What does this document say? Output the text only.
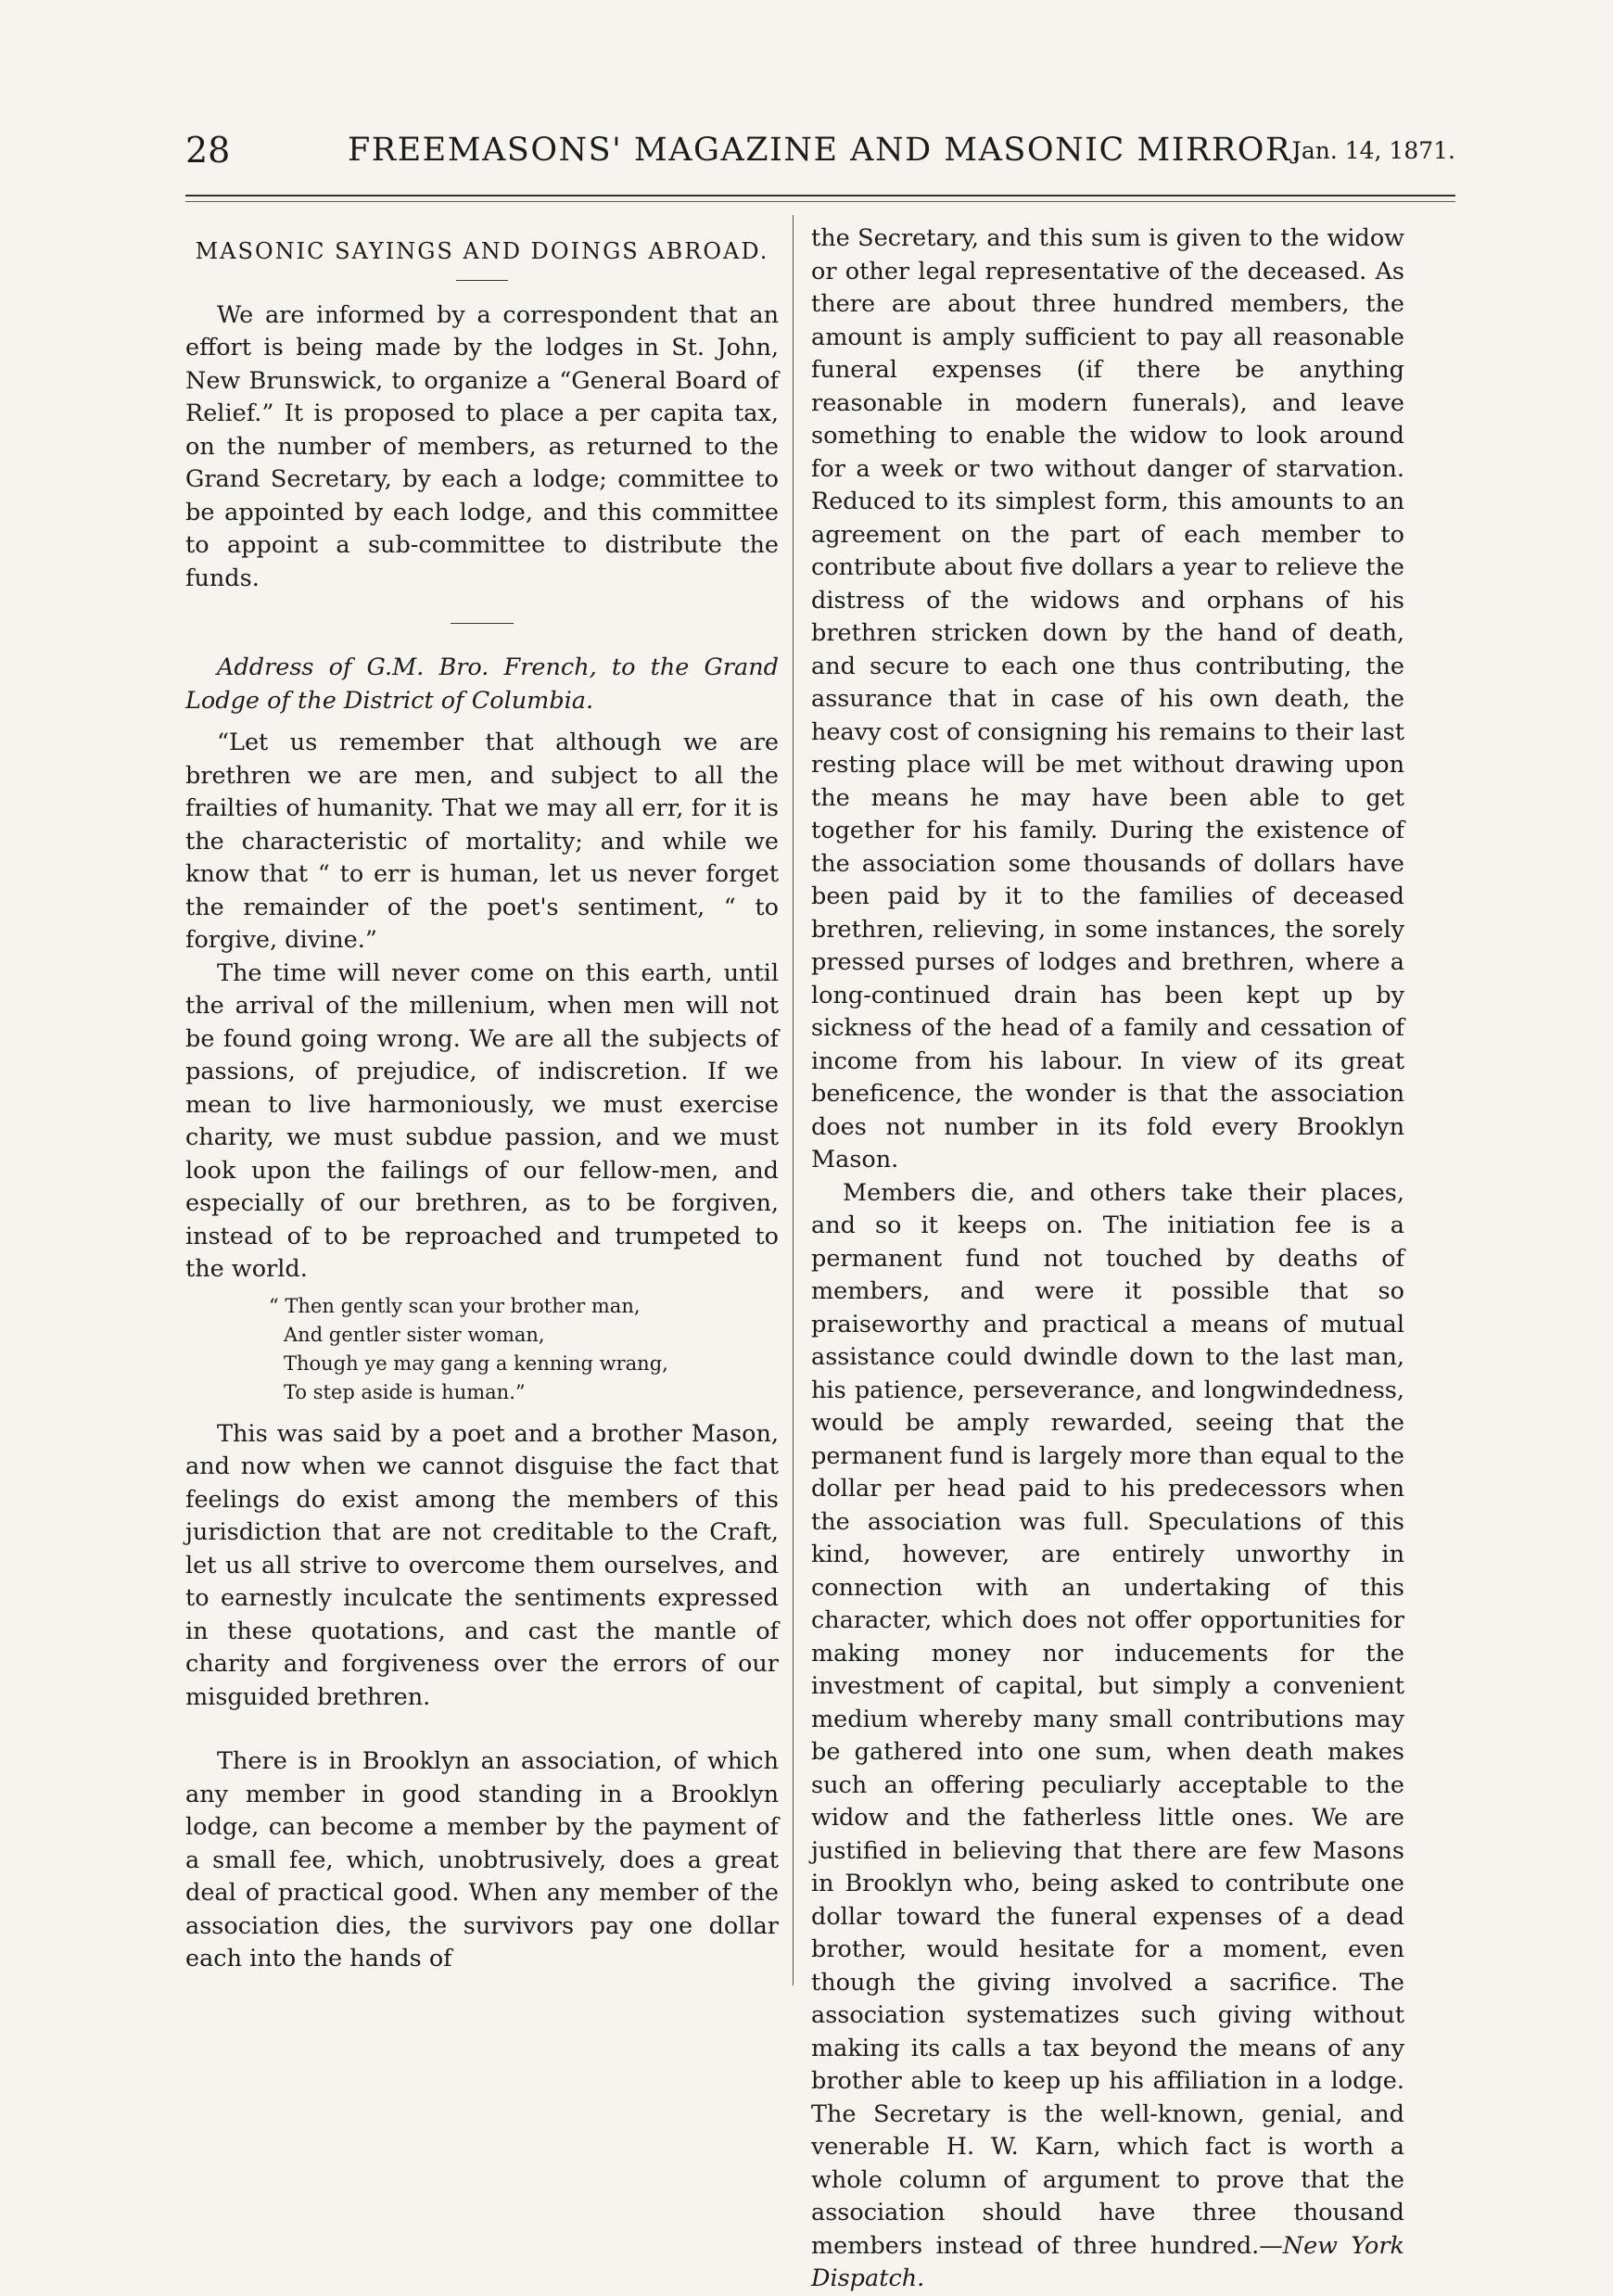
28	FREEMASONS' MAGAZINE AND MASONIC MIRROR.
Jan. 14, 1871.
MASONIC SAYINGS AND DOINGS ABROAD.

We are informed by a correspondent that an effort is being made by the lodges in St. John, New Brunswick, to organize a “General Board of Relief.” It is proposed to place a per capita tax, on the number of members, as returned to the Grand Secretary, by each a lodge; committee to be appointed by each lodge, and this committee to appoint a sub-committee to distribute the funds.

Address of G.M. Bro. French, to the Grand Lodge of the District of Columbia.

“Let us remember that although we are brethren we are men, and subject to all the frailties of humanity. That we may all err, for it is the characteristic of mortality; and while we know that “ to err is human, let us never forget the remainder of the poet's sentiment, “ to forgive, divine.”

The time will never come on this earth, until the arrival of the millenium, when men will not be found going wrong. We are all the subjects of passions, of prejudice, of indiscretion. If we mean to live harmoniously, we must exercise charity, we must subdue passion, and we must look upon the failings of our fellow-men, and especially of our brethren, as to be forgiven, instead of to be reproached and trumpeted to the world.

“ Then gently scan your brother man,
And gentler sister woman,
Though ye may gang a kenning wrang,
To step aside is human.”

This was said by a poet and a brother Mason, and now when we cannot disguise the fact that feelings do exist among the members of this jurisdiction that are not creditable to the Craft, let us all strive to overcome them ourselves, and to earnestly inculcate the sentiments expressed in these quotations, and cast the mantle of charity and forgiveness over the errors of our misguided brethren.

There is in Brooklyn an association, of which any member in good standing in a Brooklyn lodge, can become a member by the payment of a small fee, which, unobtrusively, does a great deal of practical good. When any member of the association dies, the survivors pay one dollar each into the hands of

the Secretary, and this sum is given to the widow or other legal representative of the deceased. As there are about three hundred members, the amount is amply sufficient to pay all reasonable funeral expenses (if there be anything reasonable in modern funerals), and leave something to enable the widow to look around for a week or two without danger of starvation. Reduced to its simplest form, this amounts to an agreement on the part of each member to contribute about five dollars a year to relieve the distress of the widows and orphans of his brethren stricken down by the hand of death, and secure to each one thus contributing, the assurance that in case of his own death, the heavy cost of consigning his remains to their last resting place will be met without drawing upon the means he may have been able to get together for his family. During the existence of the association some thousands of dollars have been paid by it to the families of deceased brethren, relieving, in some instances, the sorely pressed purses of lodges and brethren, where a long-continued drain has been kept up by sickness of the head of a family and cessation of income from his labour. In view of its great beneficence, the wonder is that the association does not number in its fold every Brooklyn Mason.

Members die, and others take their places, and so it keeps on. The initiation fee is a permanent fund not touched by deaths of members, and were it possible that so praiseworthy and practical a means of mutual assistance could dwindle down to the last man, his patience, perseverance, and longwindedness, would be amply rewarded, seeing that the permanent fund is largely more than equal to the dollar per head paid to his predecessors when the association was full. Speculations of this kind, however, are entirely unworthy in connection with an undertaking of this character, which does not offer opportunities for making money nor inducements for the investment of capital, but simply a convenient medium whereby many small contributions may be gathered into one sum, when death makes such an offering peculiarly acceptable to the widow and the fatherless little ones. We are justified in believing that there are few Masons in Brooklyn who, being asked to contribute one dollar toward the funeral expenses of a dead brother, would hesitate for a moment, even though the giving involved a sacrifice. The association systematizes such giving without making its calls a tax beyond the means of any brother able to keep up his affiliation in a lodge. The Secretary is the well-known, genial, and venerable H. W. Karn, which fact is worth a whole column of argument to prove that the association should have three thousand members instead of three hundred.—New York Dispatch.
